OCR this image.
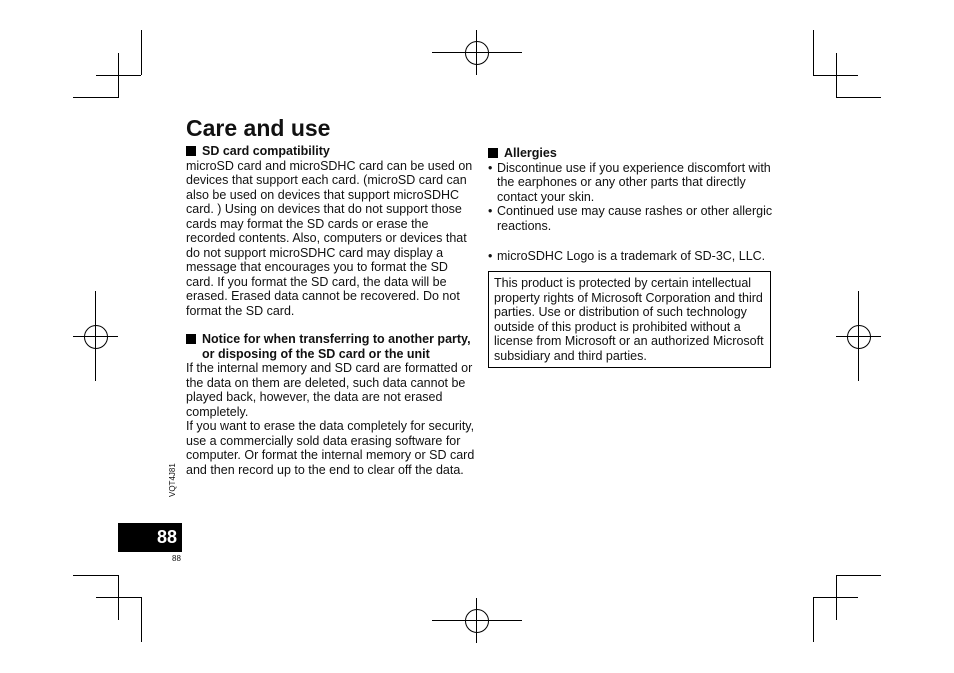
Care and use
SD card compatibility

microSD card and microSDHC card can be used on devices that support each card. (microSD card can also be used on devices that support microSDHC card. ) Using on devices that do not support those cards may format the SD cards or erase the recorded contents. Also, computers or devices that do not support microSDHC card may display a message that encourages you to format the SD card. If you format the SD card, the data will be erased. Erased data cannot be recovered. Do not format the SD card.

Notice for when transferring to another party, or disposing of the SD card or the unit

If the internal memory and SD card are formatted or the data on them are deleted, such data cannot be played back, however, the data are not erased completely.

If you want to erase the data completely for security, use a commercially sold data erasing software for computer. Or format the internal memory or SD card and then record up to the end to clear off the data.

Allergies
• Discontinue use if you experience discomfort with the earphones or any other parts that directly contact your skin.
• Continued use may cause rashes or other allergic reactions.
• microSDHC Logo is a trademark of SD-3C, LLC.
This product is protected by certain intellectual property rights of Microsoft Corporation and third parties. Use or distribution of such technology outside of this product is prohibited without a license from Microsoft or an authorized Microsoft subsidiary and third parties.
VQT4J81
88
88
